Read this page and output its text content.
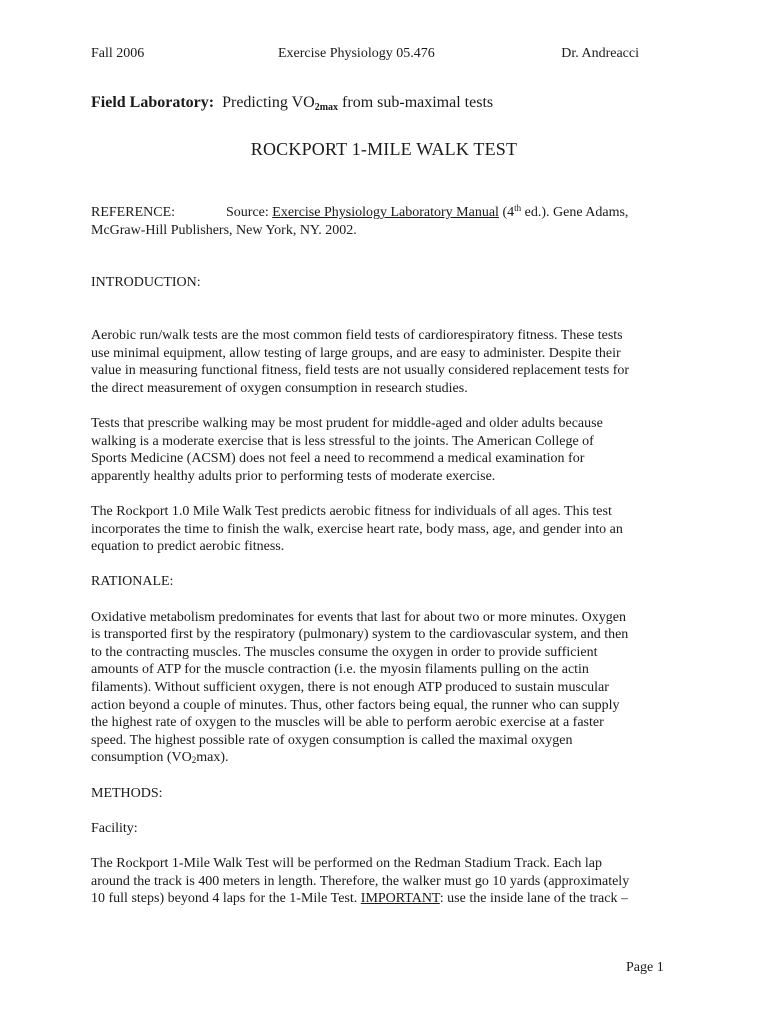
Fall 2006	Exercise Physiology 05.476	Dr. Andreacci
Field Laboratory: Predicting $VO_{2max}$ from sub-maximal tests
ROCKPORT 1-MILE WALK TEST

REFERENCE:	Source: Exercise Physiology Laboratory Manual (4th ed.). Gene Adams,

McGraw-Hill Publishers, New York, NY. 2002.

INTRODUCTION:

Aerobic run/walk tests are the most common field tests of cardiorespiratory fitness. These tests

use minimal equipment, allow testing of large groups, and are easy to administer. Despite their

value in measuring functional fitness, field tests are not usually considered replacement tests for

the direct measurement of oxygen consumption in research studies.

Tests that prescribe walking may be most prudent for middle-aged and older adults because

walking is a moderate exercise that is less stressful to the joints. The American College of

Sports Medicine (ACSM) does not feel a need to recommend a medical examination for

apparently healthy adults prior to performing tests of moderate exercise.

The Rockport 1.0 Mile Walk Test predicts aerobic fitness for individuals of all ages. This test

incorporates the time to finish the walk, exercise heart rate, body mass, age, and gender into an

equation to predict aerobic fitness.

RATIONALE:

Oxidative metabolism predominates for events that last for about two or more minutes. Oxygen

is transported first by the respiratory (pulmonary) system to the cardiovascular system, and then

to the contracting muscles. The muscles consume the oxygen in order to provide sufficient

amounts of ATP for the muscle contraction (i.e. the myosin filaments pulling on the actin

filaments). Without sufficient oxygen, there is not enough ATP produced to sustain muscular

action beyond a couple of minutes. Thus, other factors being equal, the runner who can supply

the highest rate of oxygen to the muscles will be able to perform aerobic exercise at a faster

speed. The highest possible rate of oxygen consumption is called the maximal oxygen

consumption (VO2max).

METHODS:

Facility:

The Rockport 1-Mile Walk Test will be performed on the Redman Stadium Track. Each lap

around the track is 400 meters in length. Therefore, the walker must go 10 yards (approximately

10 full steps) beyond 4 laps for the 1-Mile Test. IMPORTANT: use the inside lane of the track –

Page 1
